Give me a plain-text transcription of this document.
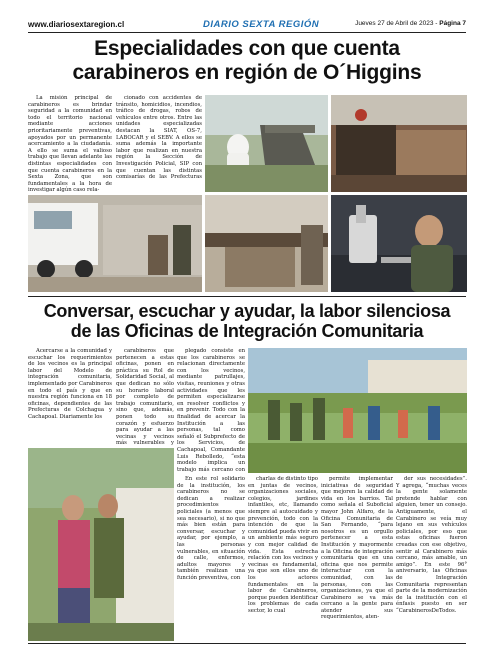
www.diariosextaregion.cl	DIARIO SEXTA REGIÓN	Jueves 27 de Abril de 2023 - Página 7
Especialidades con que cuenta
carabineros en región de O´Higgins

La misión principal de carabineros es brindar seguridad a la comunidad en todo el territorio nacional mediante acciones prioritariamente preventivas, apoyados por un permanente acercamiento a la ciudadanía. A ello se suma el valioso trabajo que llevan adelante las distintas especialidades con que cuenta carabineros en la Sexta Zona, que son fundamentales a la hora de investigar algún caso rela-

cionado con accidentes de tránsito, homicidios, incendios, tráfico de drogas, robos de vehículos entre otros. Entre las unidades especializadas destacan la SIAT, OS-7, LABOCAR y el SEBV. A ellos se suma además la importante labor que realizan en nuestra región la Sección de Investigación Policial, SIP con que cuentan las distintas comisarías de las Prefecturas

Conversar, escuchar y ayudar, la labor silenciosa
de las Oficinas de Integración Comunitaria

Acercarse a la comunidad y escuchar los requerimientos de los vecinos es la principal labor del Modelo de integración comunitaria, implementado por Carabineros en todo el país y que en nuestra región funciona en 18 oficinas, dependientes de las Prefecturas de Colchagua y Cachapoal. Diariamente los

carabineros que pertenecen a estas oficinas, ponen en práctica su Rol de Solidaridad Social, al que dedican no sólo su horario laboral por completo de trabajo comunitario, sino que, además, ponen todo su corazón y esfuerzo para ayudar a las vecinas y vecinos más vulnerables y

plegado consiste en que los carabineros se relacionan directamente con los vecinos, mediante patrullajes, visitas, reuniones y otras actividades que les permiten especializarse en resolver conflictos y en prevenir. Todo con la finalidad de acercar la Institución a las personas, tal como señaló el Subprefecto de los Servicios, de Cachapoal, Comandante Luis Rebolledo, “esta modelo implica un trabajo más cercano con

En este rol solidario de la institución, los carabineros no se dedican a realizar procedimientos policiales (a menos que sea necesario), si no que más bien están para conversar, escuchar y ayudar, por ejemplo, a las personas vulnerables, en situación de calle, enfermos, adultos mayores y también realizan una función preventiva, con

charlas de distinto tipo en juntas de vecinos, organizaciones sociales, colegios, jardines infantiles, etc, llamando siempre al autocuidado y prevención, todo con la intención de que la comunidad pueda vivir en un ambiente más seguro y con mejor calidad de vida. Esta estrecha relación con los vecinos y vecinas es fundamental, ya que son ellos uno de los actores fundamentales en la labor de Carabineros, porque pueden identificar los problemas de cada sector, lo cual

permite implementar iniciativas de seguridad que mejoren la calidad de vida en los barrios. Tal como señala el Suboficial mayor John Alfaro, de la Oficina Comunitaria de San Fernando, “para nosotros es un orgullo pertenecer a esta Institución y mayormente a la Oficina de integración comunitaria que en una oficina que nos permite interactuar con la comunidad, con las personas, con las organizaciones, ya que el Carabinero se va más cercano a la gente para atender sus requerimientos, aten-

der sus necesidades”. Y agrega, “muchas veces la gente solamente pretende hablar con alguien, tener un consejo. Antiguamente, el Carabinero se veía muy lejano en sus vehículos policiales, por eso que estas oficinas fueron creadas con ese objetivo, sentir al Carabinero más cercano, más amable, un amigo”. En este 96° aniversario, las Oficinas de Integración Comunitaria representan parte de la modernización de la institución con el énfasis puesto en ser “CarabinerosDeTodos.
